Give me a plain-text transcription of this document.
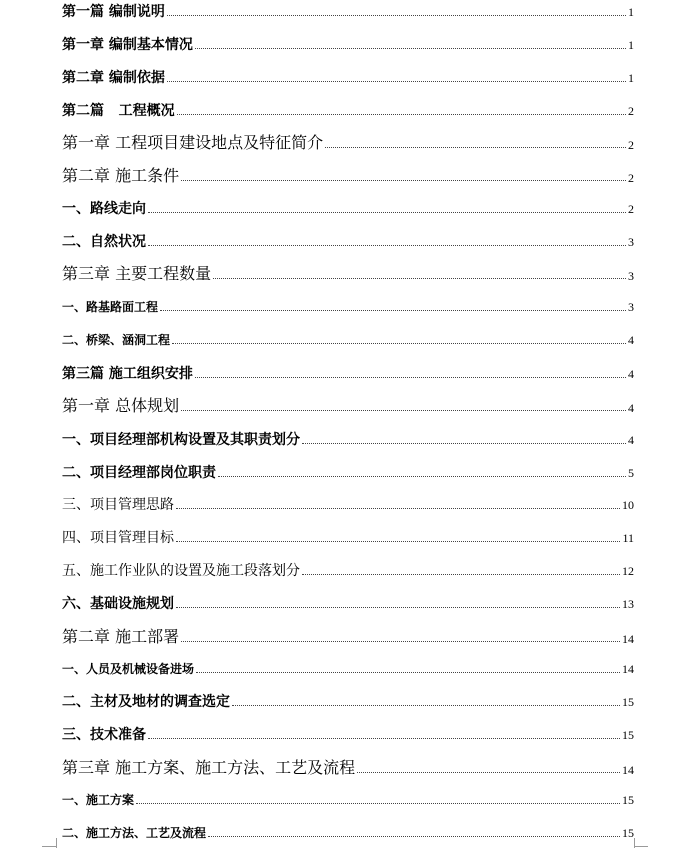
第一篇 编制说明	1
第一章 编制基本情况	1
第二章 编制依据	1
第二篇   工程概况	2
第一章 工程项目建设地点及特征简介	2
第二章 施工条件	2
一、路线走向	2
二、自然状况	3
第三章 主要工程数量	3
一、路基路面工程	3
二、桥梁、涵洞工程	4
第三篇 施工组织安排	4
第一章 总体规划	4
一、项目经理部机构设置及其职责划分	4
二、项目经理部岗位职责	5
三、项目管理思路	10
四、项目管理目标	11
五、施工作业队的设置及施工段落划分	12
六、基础设施规划	13
第二章 施工部署	14
一、人员及机械设备进场	14
二、主材及地材的调查选定	15
三、技术准备	15
第三章 施工方案、施工方法、工艺及流程	14
一、施工方案	15
二、施工方法、工艺及流程	15
